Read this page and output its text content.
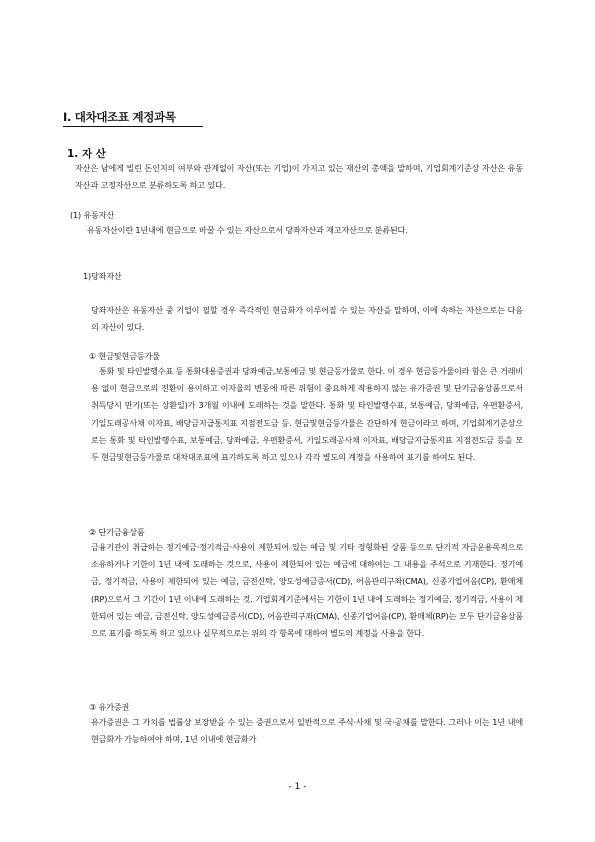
Ⅰ. 대차대조표 계정과목
1. 자 산
자산은 남에게 빌린 돈인지의 여부와 관계없이 자산(또는 기업)이 가지고 있는 재산의 총액을 말하며, 기업회계기준상 자산은 유동자산과 고정자산으로 분류하도록 하고 있다.
(1) 유동자산
유동자산이란 1년내에 현금으로 바꿀 수 있는 자산으로서 당좌자산과 재고자산으로 분류된다.
1)당좌자산
당좌자산은 유동자산 중 기업이 필할 경우 즉각적인 현금화가 이루어질 수 있는 자산을 말하며, 이에 속하는 자산으로는 다음의 자산이 있다.
① 현금및현금등가물
통화 및 타인발행수표 등 통화대용증권과 당좌예금,보통예금 및 현금등가물로 한다. 이 경우 현금등가물이라 함은 큰 거래비용 없이 현금으로의 전환이 용이하고 이자율의 변동에 따른 위험이 중요하게 작용하지 않는 유가증권 및 단기금융상품으로서 취득당시 만기(또는 상환일)가 3개월 이내에 도래하는 것을 말한다. 통화 및 타인발행수표, 보통예금, 당좌예금, 우편환증서, 기일도래공사채 이자표, 배당금지급통지표 지점전도금 등. 현금및현금등가물은 간단하게 현금이라고 하며, 기업회계기준상으로는 통화 및 타인발행수표, 보통예금, 당좌예금, 우편환증서, 기일도래공사채 이자표, 배당금지급통지표 지점전도금 등을 모두 현금및현금등가물로 대차대조표에 표기하도록 하고 있으나 각각 별도의 계정을 사용하여 표기를 하여도 된다.
② 단기금융상품
금융기관이 취급하는 정기예금·정기적금·사용이 제한되어 있는 예금 및 기타 정형화된 상품 등으로 단기적 자금운용목적으로 소유하거나 기한이 1년 내에 도래하는 것으로, 사용이 제한되어 있는 예금에 대하여는 그 내용을 주석으로 기재한다. 정기예금, 정기적금, 사용이 제한되어 있는 예금, 금전신탁, 양도성예금증서(CD), 어음관리구좌(CMA), 신종기업어음(CP), 환매체(RP)으로서 그 기간이 1년 이내에 도래하는 것. 기업회계기준에서는 기한이 1년 내에 도래하는 정기예금, 정기적금, 사용이 제한되어 있는 예금, 금전신탁, 양도성예금증서(CD), 어음관리구좌(CMA), 신종기업어음(CP), 환매체(RP)는 모두 단기금융상품으로 표기를 하도록 하고 있으나 실무적으로는 위의 각 항목에 대하여 별도의 계정을 사용을 한다.
③ 유가증권
유가증권은 그 가치를 법률상 보장받을 수 있는 증권으로서 일반적으로 주식·사채 및 국·공채를 말한다. 그러나 이는 1년 내에 현금화가 가능하여야 하며, 1년 이내에 현금화가
- 1 -
